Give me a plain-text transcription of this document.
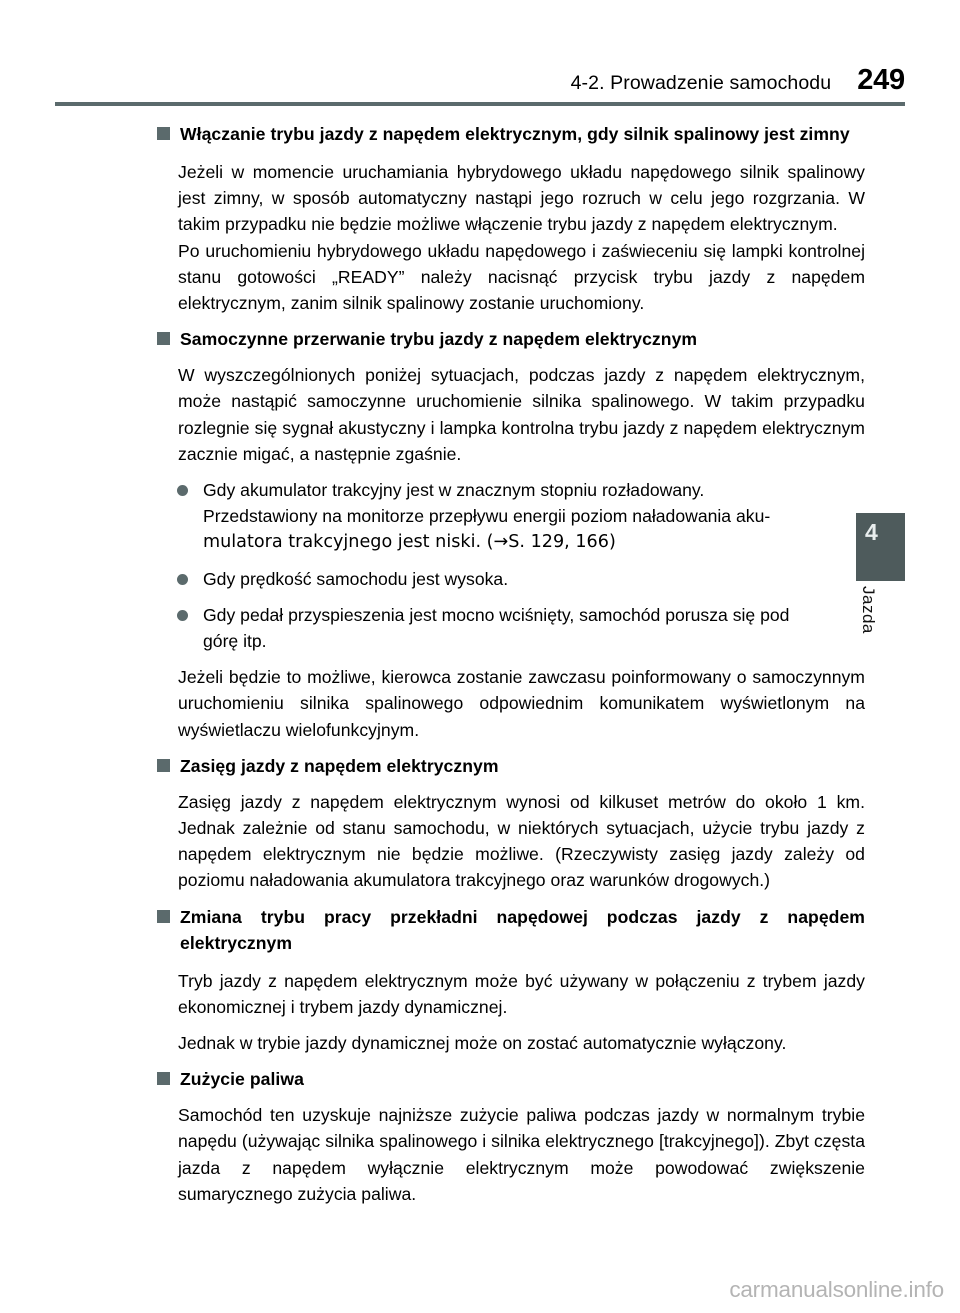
4-2. Prowadzenie samochodu 249
Włączanie trybu jazdy z napędem elektrycznym, gdy silnik spalinowy jest zimny

Jeżeli w momencie uruchamiania hybrydowego układu napędowego silnik spalinowy jest zimny, w sposób automatyczny nastąpi jego rozruch w celu jego rozgrzania. W takim przypadku nie będzie możliwe włączenie trybu jazdy z napędem elektrycznym.

Po uruchomieniu hybrydowego układu napędowego i zaświeceniu się lampki kontrolnej stanu gotowości „READY” należy nacisnąć przycisk trybu jazdy z napędem elektrycznym, zanim silnik spalinowy zostanie uruchomiony.

Samoczynne przerwanie trybu jazdy z napędem elektrycznym

W wyszczególnionych poniżej sytuacjach, podczas jazdy z napędem elektrycznym, może nastąpić samoczynne uruchomienie silnika spalinowego. W takim przypadku rozlegnie się sygnał akustyczny i lampka kontrolna trybu jazdy z napędem elektrycznym zacznie migać, a następnie zgaśnie.

Gdy akumulator trakcyjny jest w znacznym stopniu rozładowany.
Przedstawiony na monitorze przepływu energii poziom naładowania aku-
mulatora trakcyjnego jest niski. (→S. 129, 166)
Gdy prędkość samochodu jest wysoka.
Gdy pedał przyspieszenia jest mocno wciśnięty, samochód porusza się pod
górę itp.

Jeżeli będzie to możliwe, kierowca zostanie zawczasu poinformowany o samoczynnym uruchomieniu silnika spalinowego odpowiednim komunikatem wyświetlonym na wyświetlaczu wielofunkcyjnym.

Zasięg jazdy z napędem elektrycznym

Zasięg jazdy z napędem elektrycznym wynosi od kilkuset metrów do około 1 km. Jednak zależnie od stanu samochodu, w niektórych sytuacjach, użycie trybu jazdy z napędem elektrycznym nie będzie możliwe. (Rzeczywisty zasięg jazdy zależy od poziomu naładowania akumulatora trakcyjnego oraz warunków drogowych.)

Zmiana trybu pracy przekładni napędowej podczas jazdy z napędem elektrycznym

Tryb jazdy z napędem elektrycznym może być używany w połączeniu z trybem jazdy ekonomicznej i trybem jazdy dynamicznej.

Jednak w trybie jazdy dynamicznej może on zostać automatycznie wyłączony.

Zużycie paliwa

Samochód ten uzyskuje najniższe zużycie paliwa podczas jazdy w normalnym trybie napędu (używając silnika spalinowego i silnika elektrycznego [trakcyjnego]). Zbyt częsta jazda z napędem wyłącznie elektrycznym może powodować zwiększenie sumarycznego zużycia paliwa.

4
Jazda
carmanualsonline.info
